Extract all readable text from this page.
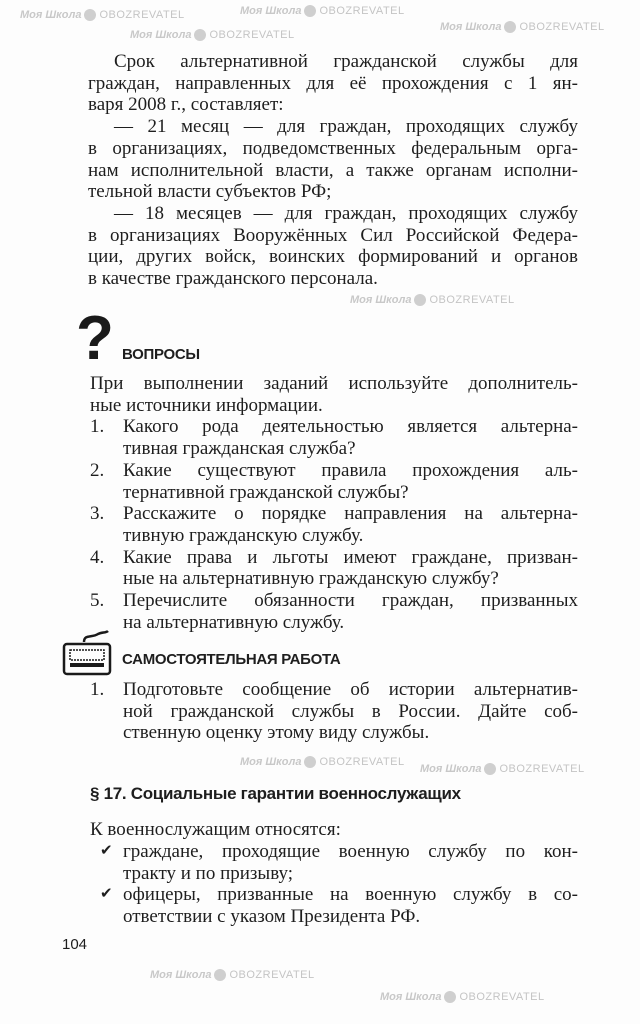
Моя Школа OBOZREVATEL	Моя Школа OBOZREVATEL
Моя Школа OBOZREVATEL
Моя Школа OBOZREVATEL
Моя Школа OBOZREVATEL
Моя Школа OBOZREVATEL
Моя Школа OBOZREVATEL
Моя Школа OBOZREVATEL
Моя Школа OBOZREVATEL
Срок альтернативной гражданской службы для
граждан, направленных для её прохождения с 1 ян-
варя 2008 г., составляет:
— 21 месяц — для граждан, проходящих службу
в организациях, подведомственных федеральным орга-
нам исполнительной власти, а также органам исполни-
тельной власти субъектов РФ;
— 18 месяцев — для граждан, проходящих службу
в организациях Вооружённых Сил Российской Федера-
ции, других войск, воинских формирований и органов
в качестве гражданского персонала.
? ВОПРОСЫ
При выполнении заданий используйте дополнитель-
ные источники информации.
1. Какого рода деятельностью является альтерна-
тивная гражданская служба?
2. Какие существуют правила прохождения аль-
тернативной гражданской службы?
3. Расскажите о порядке направления на альтерна-
тивную гражданскую службу.
4. Какие права и льготы имеют граждане, призван-
ные на альтернативную гражданскую службу?
5. Перечислите обязанности граждан, призванных
на альтернативную службу.
САМОСТОЯТЕЛЬНАЯ РАБОТА
1. Подготовьте сообщение об истории альтернатив-
ной гражданской службы в России. Дайте соб-
ственную оценку этому виду службы.
§ 17. Социальные гарантии военнослужащих
К военнослужащим относятся:
✔ граждане, проходящие военную службу по кон-
тракту и по призыву;
✔ офицеры, призванные на военную службу в со-
ответствии с указом Президента РФ.
104
